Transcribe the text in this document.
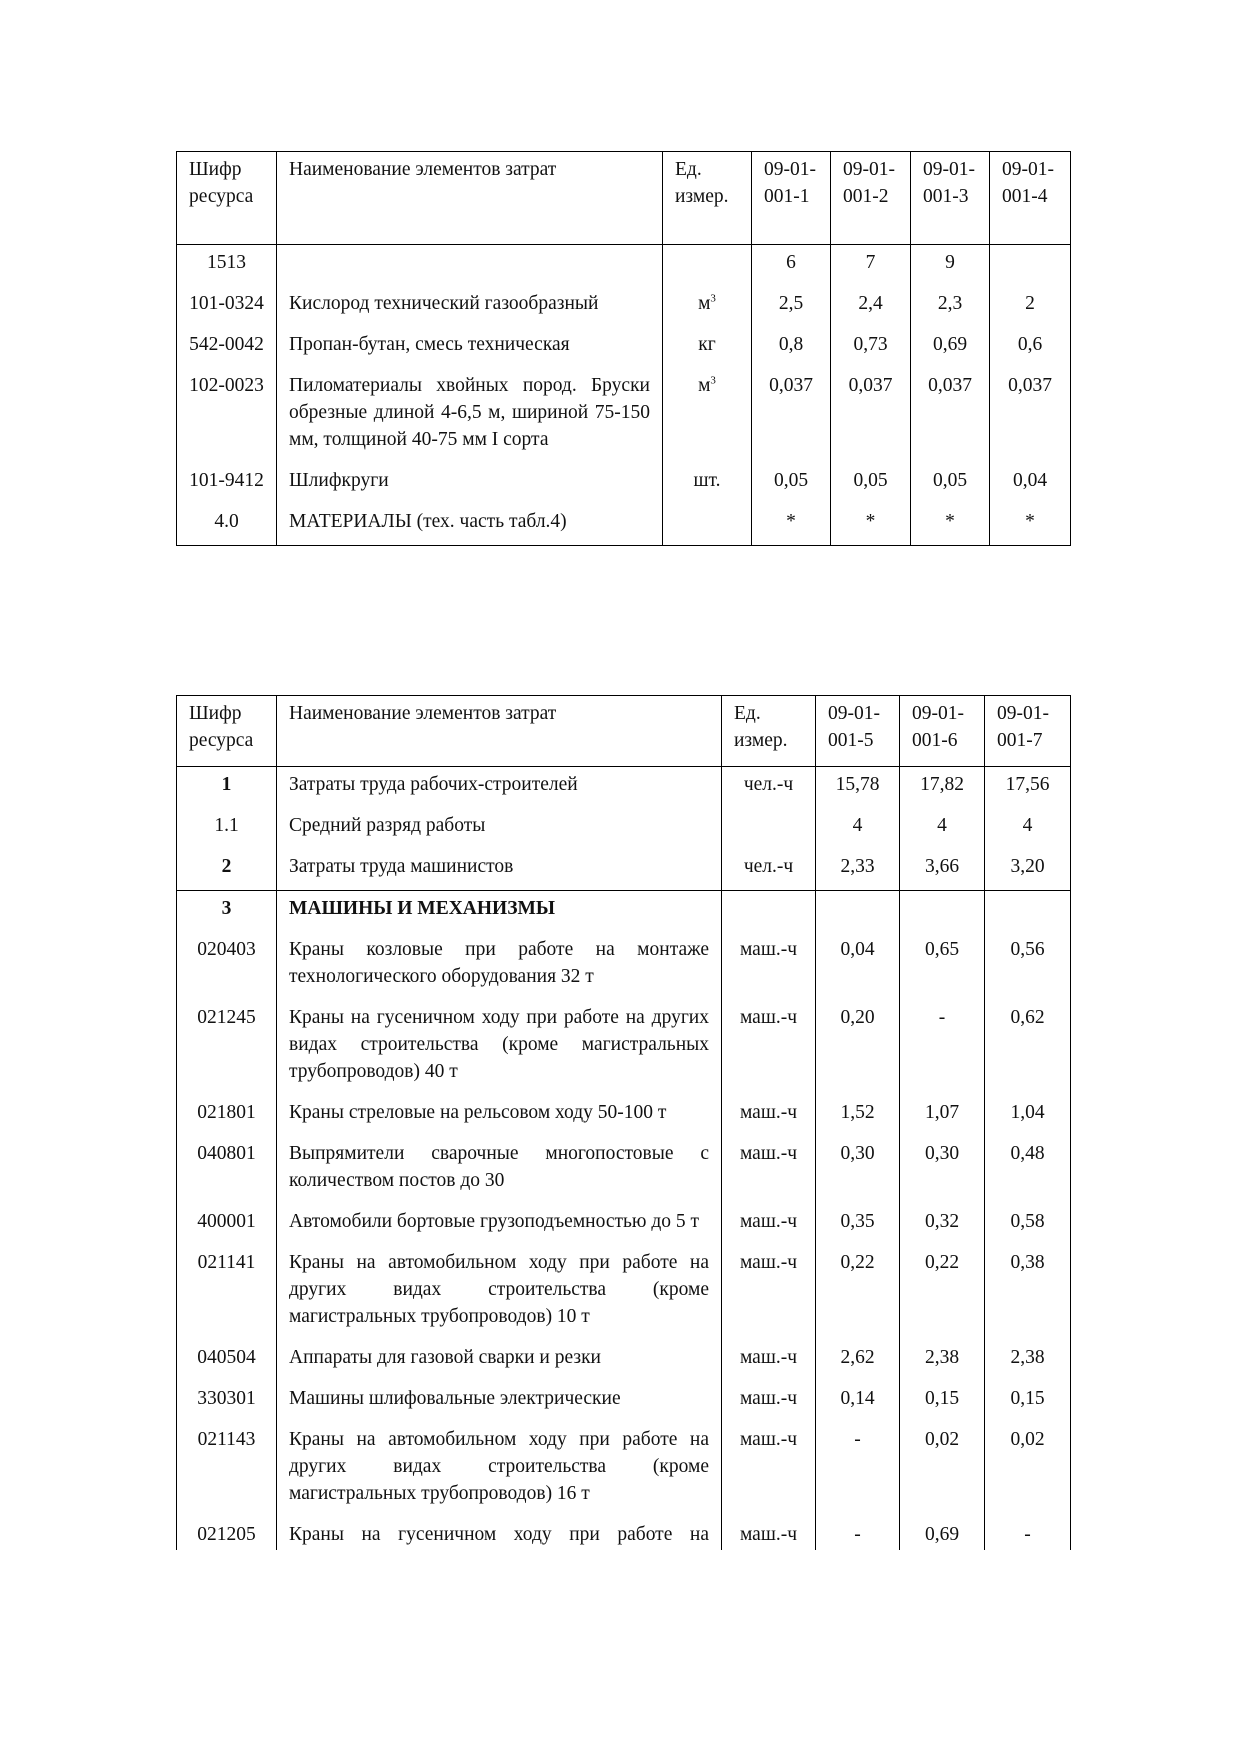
Шифр ресурса	Наименование элементов затрат	Ед. измер.	09-01-001-1	09-01-001-2	09-01-001-3	09-01-001-4
1513			6	7	9	
101-0324	Кислород технический газообразный	$м^3$	2,5	2,4	2,3	2
542-0042	Пропан-бутан, смесь техническая	кг	0,8	0,73	0,69	0,6
102-0023	Пиломатериалы хвойных пород. Бруски обрезные длиной 4-6,5 м, шириной 75-150 мм, толщиной 40-75 мм I сорта	$м^3$	0,037	0,037	0,037	0,037
101-9412	Шлифкруги	шт.	0,05	0,05	0,05	0,04
4.0	МАТЕРИАЛЫ (тех. часть табл.4)		*	*	*	*
Шифр ресурса	Наименование элементов затрат	Ед. измер.	09-01-001-5	09-01-001-6	09-01-001-7
1	Затраты труда рабочих-строителей	чел.-ч	15,78	17,82	17,56
1.1	Средний разряд работы		4	4	4
2	Затраты труда машинистов	чел.-ч	2,33	3,66	3,20
3	МАШИНЫ И МЕХАНИЗМЫ				
020403	Краны козловые при работе на монтаже технологического оборудования 32 т	маш.-ч	0,04	0,65	0,56
021245	Краны на гусеничном ходу при работе на других видах строительства (кроме магистральных трубопроводов) 40 т	маш.-ч	0,20	-	0,62
021801	Краны стреловые на рельсовом ходу 50-100 т	маш.-ч	1,52	1,07	1,04
040801	Выпрямители сварочные многопостовые с количеством постов до 30	маш.-ч	0,30	0,30	0,48
400001	Автомобили бортовые грузоподъемностью до 5 т	маш.-ч	0,35	0,32	0,58
021141	Краны на автомобильном ходу при работе на других видах строительства (кроме магистральных трубопроводов) 10 т	маш.-ч	0,22	0,22	0,38
040504	Аппараты для газовой сварки и резки	маш.-ч	2,62	2,38	2,38
330301	Машины шлифовальные электрические	маш.-ч	0,14	0,15	0,15
021143	Краны на автомобильном ходу при работе на других видах строительства (кроме магистральных трубопроводов) 16 т	маш.-ч	-	0,02	0,02
021205	Краны на гусеничном ходу при работе на	маш.-ч	-	0,69	-
